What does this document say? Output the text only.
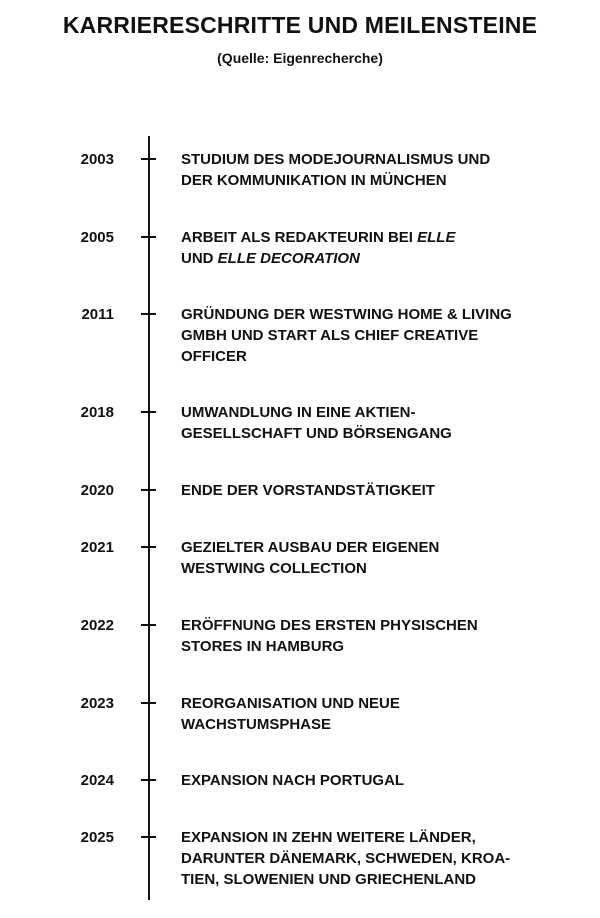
KARRIERESCHRITTE UND MEILENSTEINE
(Quelle: Eigenrecherche)
2003	STUDIUM DES MODEJOURNALISMUS UND
DER KOMMUNIKATION IN MÜNCHEN
2005	ARBEIT ALS REDAKTEURIN BEI ELLE
UND ELLE DECORATION
2011	GRÜNDUNG DER WESTWING HOME & LIVING
GMBH UND START ALS CHIEF CREATIVE
OFFICER
2018	UMWANDLUNG IN EINE AKTIEN-
GESELLSCHAFT UND BÖRSENGANG
2020	ENDE DER VORSTANDSTÄTIGKEIT
2021	GEZIELTER AUSBAU DER EIGENEN
WESTWING COLLECTION
2022	ERÖFFNUNG DES ERSTEN PHYSISCHEN
STORES IN HAMBURG
2023	REORGANISATION UND NEUE
WACHSTUMSPHASE
2024	EXPANSION NACH PORTUGAL
2025	EXPANSION IN ZEHN WEITERE LÄNDER,
DARUNTER DÄNEMARK, SCHWEDEN, KROA-
TIEN, SLOWENIEN UND GRIECHENLAND
